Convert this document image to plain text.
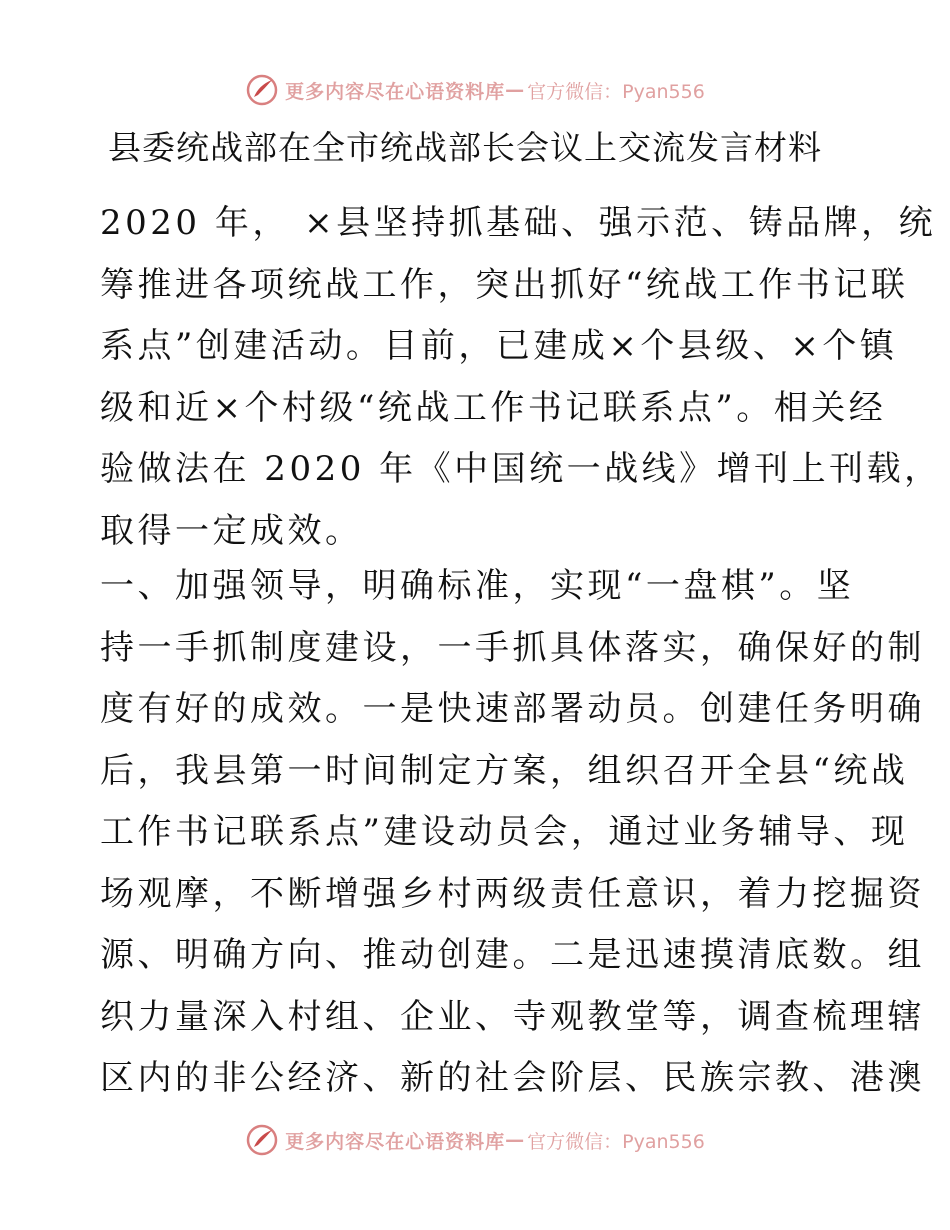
更多内容尽在心语资料库 — 官方微信：Pyan556
县委统战部在全市统战部长会议上交流发言材料

2020 年， ×县坚持抓基础、强示范、铸品牌，统
筹推进各项统战工作，突出抓好“统战工作书记联
系点”创建活动。目前，已建成×个县级、×个镇
级和近×个村级“统战工作书记联系点”。相关经
验做法在 2020 年《中国统一战线》增刊上刊载，
取得一定成效。

一、加强领导，明确标准，实现“一盘棋”。坚
持一手抓制度建设，一手抓具体落实，确保好的制
度有好的成效。一是快速部署动员。创建任务明确
后，我县第一时间制定方案，组织召开全县“统战
工作书记联系点”建设动员会，通过业务辅导、现
场观摩，不断增强乡村两级责任意识，着力挖掘资
源、明确方向、推动创建。二是迅速摸清底数。组
织力量深入村组、企业、寺观教堂等，调查梳理辖
区内的非公经济、新的社会阶层、民族宗教、港澳

更多内容尽在心语资料库 — 官方微信：Pyan556
